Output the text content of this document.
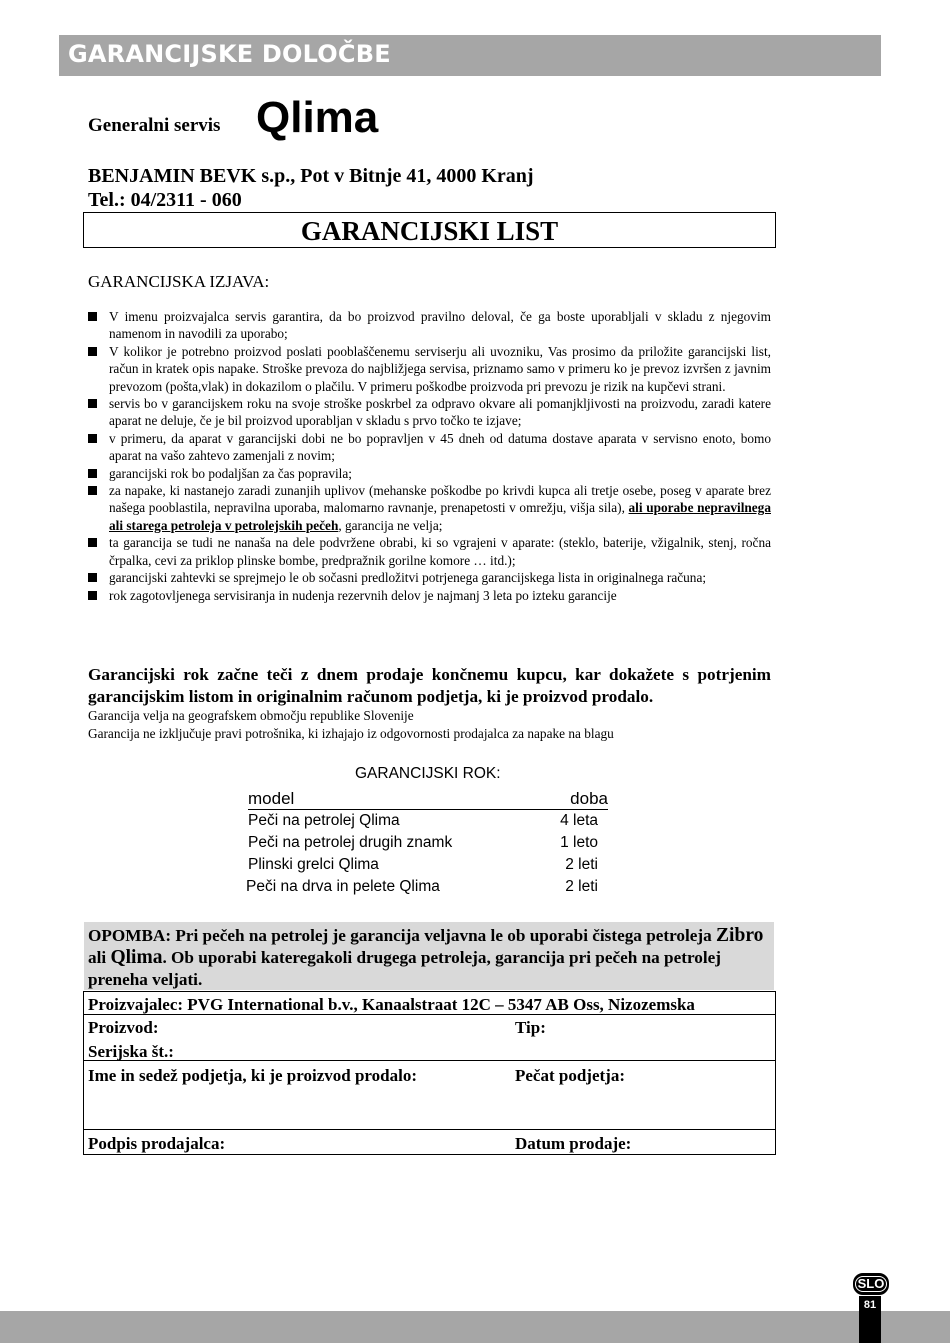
GARANCIJSKE DOLOČBE
Generalni servis Qlima
BENJAMIN BEVK s.p., Pot v Bitnje 41, 4000 Kranj
Tel.: 04/2311 - 060
GARANCIJSKI LIST
GARANCIJSKA IZJAVA:
V imenu proizvajalca servis garantira, da bo proizvod pravilno deloval, če ga boste uporabljali v skladu z njegovim namenom in navodili za uporabo;
V kolikor je potrebno proizvod poslati pooblaščenemu serviserju ali uvozniku, Vas prosimo da priložite garancijski list, račun in kratek opis napake. Stroške prevoza do najbližjega servisa, priznamo samo v primeru ko je prevoz izvršen z javnim prevozom (pošta,vlak) in dokazilom o plačilu. V primeru poškodbe proizvoda pri prevozu je rizik na kupčevi strani.
servis bo v garancijskem roku na svoje stroške poskrbel za odpravo okvare ali pomanjkljivosti na proizvodu, zaradi katere aparat ne deluje, če je bil proizvod uporabljan v skladu s prvo točko te izjave;
v primeru, da aparat v garancijski dobi ne bo popravljen v 45 dneh od datuma dostave aparata v servisno enoto, bomo aparat na vašo zahtevo zamenjali z novim;
garancijski rok bo podaljšan za čas popravila;
za napake, ki nastanejo zaradi zunanjih uplivov (mehanske poškodbe po krivdi kupca ali tretje osebe, poseg v aparate brez našega pooblastila, nepravilna uporaba, malomarno ravnanje, prenapetosti v omrežju, višja sila), ali uporabe nepravilnega ali starega petroleja v petrolejskih pečeh, garancija ne velja;
ta garancija se tudi ne nanaša na dele podvržene obrabi, ki so vgrajeni v aparate: (steklo, baterije, vžigalnik, stenj, ročna črpalka, cevi za priklop plinske bombe, predpražnik gorilne komore … itd.);
garancijski zahtevki se sprejmejo le ob sočasni predložitvi potrjenega garancijskega lista in originalnega računa;
rok zagotovljenega servisiranja in nudenja rezervnih delov je najmanj 3 leta po izteku garancije
Garancijski rok začne teči z dnem prodaje končnemu kupcu, kar dokažete s potrjenim garancijskim listom in originalnim računom podjetja, ki je proizvod prodalo.
Garancija velja na geografskem območju republike Slovenije
Garancija ne izključuje pravi potrošnika, ki izhajajo iz odgovornosti prodajalca za napake na blagu
GARANCIJSKI ROK:
model	doba
Peči na petrolej Qlima	4 leta
Peči na petrolej drugih znamk	1 leto
Plinski grelci Qlima	2 leti
Peči na drva in pelete Qlima	2 leti
OPOMBA: Pri pečeh na petrolej je garancija veljavna le ob uporabi čistega petroleja Zibro ali Qlima. Ob uporabi kateregakoli drugega petroleja, garancija pri pečeh na petrolej preneha veljati.
Proizvajalec: PVG International b.v., Kanaalstraat 12C – 5347 AB Oss, Nizozemska
Proizvod:	Tip:
Serijska št.:
Ime in sedež podjetja, ki je proizvod prodalo:	Pečat podjetja:
Podpis prodajalca:	Datum prodaje:
SLO
81
